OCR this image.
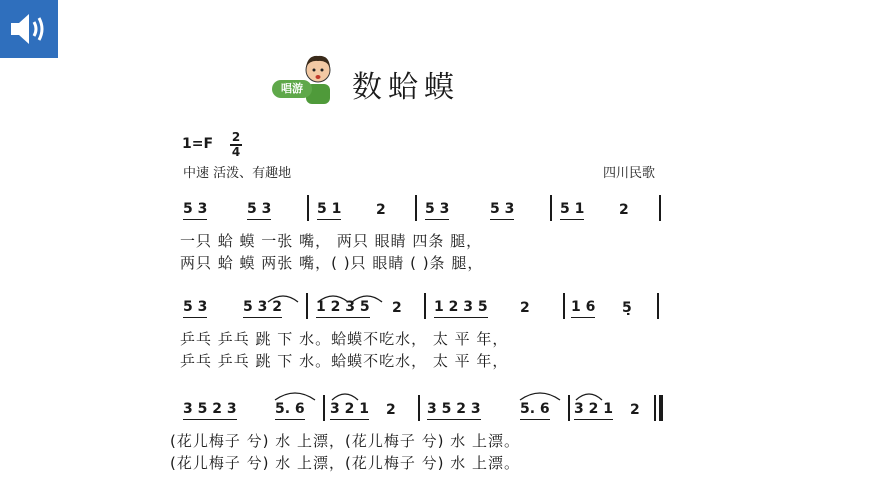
唱游	数蛤蟆
1=F 2
4
中速 活泼、有趣地	四川民歌
5 3	5 3	5 1 2	5 3	5 3	5 1 2
一只 蛤 蟆 一张 嘴， 两只 眼睛 四条 腿，
两只 蛤 蟆 两张 嘴，( )只 眼睛 ( )条 腿，
5 3	5 3 2 1 2 3 5 2 1 2 3 5 2	1 6 5̣
乒乓 乒乓 跳 下 水。蛤蟆不吃水， 太 平 年，
乒乓 乒乓 跳 下 水。蛤蟆不吃水， 太 平 年，
3 5 2 3	5. 6 3 2 1 2 3 5 2 3	5. 6 3 2 1 2
(花儿梅子 兮) 水 上漂，(花儿梅子 兮) 水 上漂。
(花儿梅子 兮) 水 上漂，(花儿梅子 兮) 水 上漂。
